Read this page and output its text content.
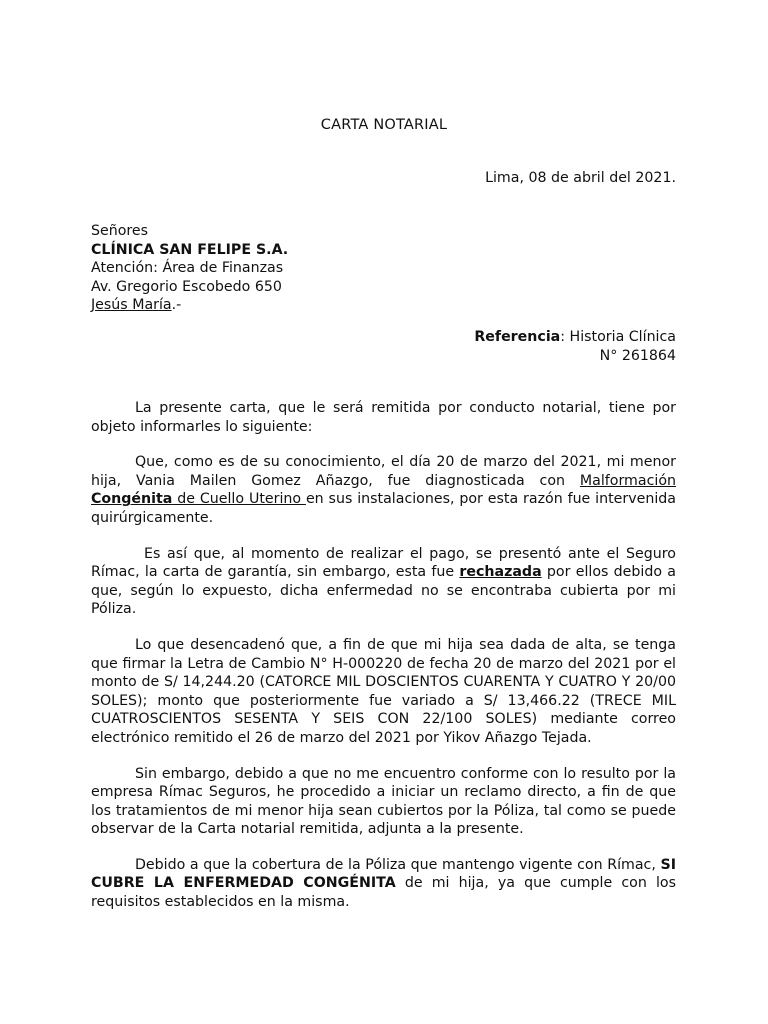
CARTA NOTARIAL
Lima, 08 de abril del 2021.
Señores
CLÍNICA SAN FELIPE S.A.
Atención: Área de Finanzas
Av. Gregorio Escobedo 650
Jesús María.-
Referencia: Historia Clínica
N° 261864

La presente carta, que le será remitida por conducto notarial, tiene por objeto informarles lo siguiente:

Que, como es de su conocimiento, el día 20 de marzo del 2021, mi menor hija, Vania Mailen Gomez Añazgo, fue diagnosticada con Malformación Congénita de Cuello Uterino en sus instalaciones, por esta razón fue intervenida quirúrgicamente.

Es así que, al momento de realizar el pago, se presentó ante el Seguro Rímac, la carta de garantía, sin embargo, esta fue rechazada por ellos debido a que, según lo expuesto, dicha enfermedad no se encontraba cubierta por mi Póliza.

Lo que desencadenó que, a fin de que mi hija sea dada de alta, se tenga que firmar la Letra de Cambio N° H-000220 de fecha 20 de marzo del 2021 por el monto de S/ 14,244.20 (CATORCE MIL DOSCIENTOS CUARENTA Y CUATRO Y 20/00 SOLES); monto que posteriormente fue variado a S/ 13,466.22 (TRECE MIL CUATROSCIENTOS SESENTA Y SEIS CON 22/100 SOLES) mediante correo electrónico remitido el 26 de marzo del 2021 por Yikov Añazgo Tejada.

Sin embargo, debido a que no me encuentro conforme con lo resulto por la empresa Rímac Seguros, he procedido a iniciar un reclamo directo, a fin de que los tratamientos de mi menor hija sean cubiertos por la Póliza, tal como se puede observar de la Carta notarial remitida, adjunta a la presente.

Debido a que la cobertura de la Póliza que mantengo vigente con Rímac, SI CUBRE LA ENFERMEDAD CONGÉNITA de mi hija, ya que cumple con los requisitos establecidos en la misma.
